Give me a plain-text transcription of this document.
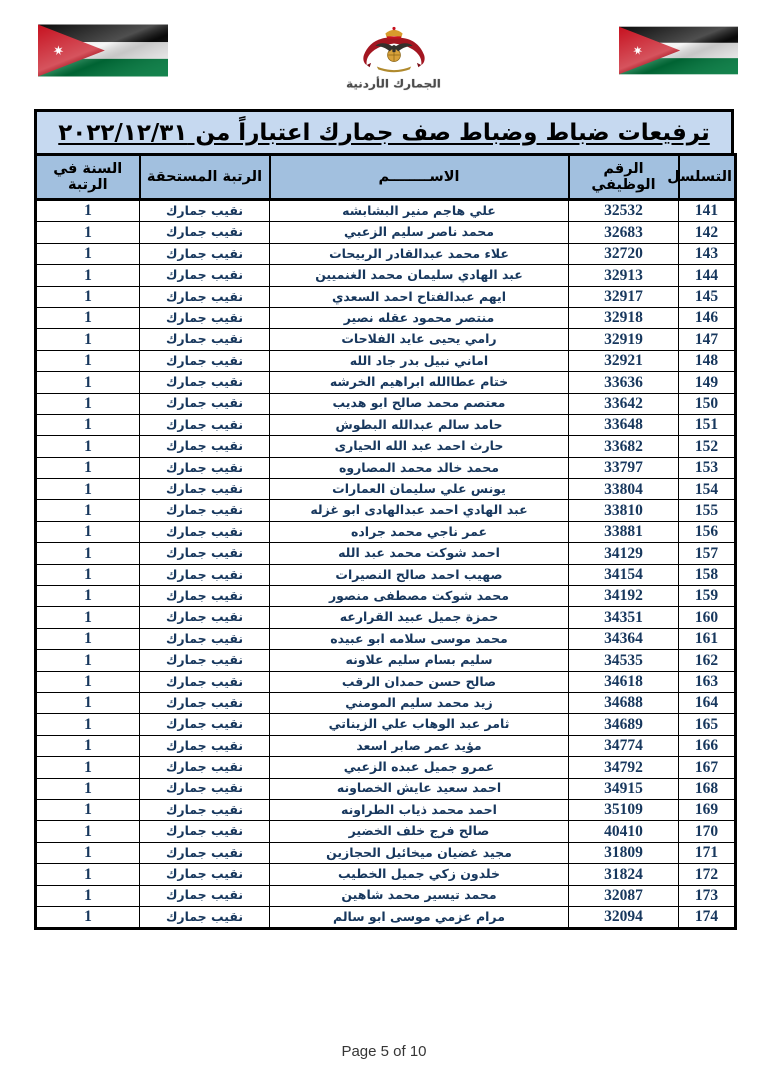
الجمارك الأردنية
ترفيعات ضباط وضباط صف جمارك اعتباراً من ٢٠٢٢/١٢/٣١
التسلسل	الرقم الوظيفي	الاســــــــم	الرتبة المستحقة	السنة في الرتبة
141	32532	علي هاجم منير البشابشه	نقيب جمارك	1
142	32683	محمد ناصر سليم الزعبي	نقيب جمارك	1
143	32720	علاء محمد عبدالقادر الربيحات	نقيب جمارك	1
144	32913	عبد الهادي سليمان محمد الغنميين	نقيب جمارك	1
145	32917	ايهم عبدالفتاح احمد السعدي	نقيب جمارك	1
146	32918	منتصر محمود عقله نصير	نقيب جمارك	1
147	32919	رامي يحيى عايد الفلاحات	نقيب جمارك	1
148	32921	اماني نبيل بدر جاد الله	نقيب جمارك	1
149	33636	ختام عطاالله ابراهيم الخرشه	نقيب جمارك	1
150	33642	معتصم محمد صالح ابو هديب	نقيب جمارك	1
151	33648	حامد سالم عبدالله البطوش	نقيب جمارك	1
152	33682	حارث احمد عبد الله الحيارى	نقيب جمارك	1
153	33797	محمد خالد محمد المصاروه	نقيب جمارك	1
154	33804	يونس علي سليمان العمارات	نقيب جمارك	1
155	33810	عبد الهادي احمد عبدالهادى ابو غزله	نقيب جمارك	1
156	33881	عمر ناجي محمد جراده	نقيب جمارك	1
157	34129	احمد شوكت محمد عبد الله	نقيب جمارك	1
158	34154	صهيب احمد صالح النصيرات	نقيب جمارك	1
159	34192	محمد شوكت مصطفى منصور	نقيب جمارك	1
160	34351	حمزة جميل عبيد القرارعه	نقيب جمارك	1
161	34364	محمد موسى سلامه ابو عبيده	نقيب جمارك	1
162	34535	سليم بسام سليم علاونه	نقيب جمارك	1
163	34618	صالح حسن حمدان الرقب	نقيب جمارك	1
164	34688	زيد محمد سليم المومني	نقيب جمارك	1
165	34689	ثامر عبد الوهاب علي الزيناتي	نقيب جمارك	1
166	34774	مؤيد عمر صابر اسعد	نقيب جمارك	1
167	34792	عمرو جميل عبده الزعبي	نقيب جمارك	1
168	34915	احمد سعيد عايش الخصاونه	نقيب جمارك	1
169	35109	احمد محمد ذياب الطراونه	نقيب جمارك	1
170	40410	صالح فرج خلف الخضير	نقيب جمارك	1
171	31809	مجيد غضيان ميخائيل الحجازين	نقيب جمارك	1
172	31824	خلدون زكي جميل الخطيب	نقيب جمارك	1
173	32087	محمد تيسير محمد شاهين	نقيب جمارك	1
174	32094	مرام عزمي موسى ابو سالم	نقيب جمارك	1
Page 5 of 10
